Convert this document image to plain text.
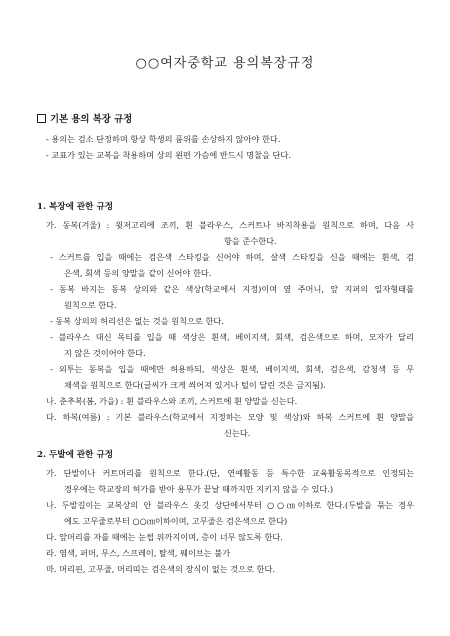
○○여자중학교 용의복장규정
기본 용의 복장 규정
- 용의는 검소 단정하며 항상 학생의 품위를 손상하지 않아야 한다.
- 교표가 있는 교복을 착용하며 상의 왼편 가슴에 반드시 명찰을 단다.
1. 복장에 관한 규정
가. 동복(겨울) : 윗저고리에 조끼, 흰 블라우스, 스커트나 바지착용을 원칙으로 하며, 다음 사
항을 준수한다.
- 스커트를 입을 때에는 검은색 스타킹을 신어야 하며, 살색 스타킹을 신을 때에는 흰색, 검
은색, 회색 등의 양말을 같이 신어야 한다.
- 동복 바지는 동복 상의와 같은 색상(학교에서 지정)이며 옆 주머니, 앞 지퍼의 일자형태를
원칙으로 한다.
- 동복 상의의 허리선은 없는 것을 원칙으로 한다.
- 블라우스 대신 목티를 입을 때 색상은 흰색, 베이지색, 회색, 검은색으로 하며, 모자가 달리
지 않은 것이어야 한다.
- 외투는 동복을 입을 때에만 허용하되, 색상은 흰색, 베이지색, 회색, 검은색, 감청색 등 무
채색을 원칙으로 한다(글씨가 크게 씌어져 있거나 털이 달린 것은 금지됨).
나. 춘추복(봄, 가을) : 흰 블라우스와 조끼, 스커트에 흰 양말을 신는다.
다. 하복(여름) : 기본 블라우스(학교에서 지정하는 모양 및 색상)와 하복 스커트에 흰 양말을
신는다.
2. 두발에 관한 규정
가. 단발이나 커트머리를 원칙으로 한다.(단, 연예활동 등 특수한 교육활동목적으로 인정되는
경우에는 학교장의 허가를 받아 용무가 끝날 때까지만 지키지 않을 수 있다.)
나. 두발길이는 교복상의 안 블라우스 옷깃 상단에서부터 ○○㎝이하로 한다.(두발을 묶는 경우
에도 고무줄로부터 ○○㎝이하이며, 고무줄은 검은색으로 한다)
다. 앞머리를 자를 때에는 눈썹 위까지이며, 층이 너무 않도록 한다.
라. 염색, 퍼머, 무스, 스프레이, 탈색, 웨이브는 불가
마. 머리핀, 고무줄, 머리띠는 검은색의 장식이 없는 것으로 한다.
